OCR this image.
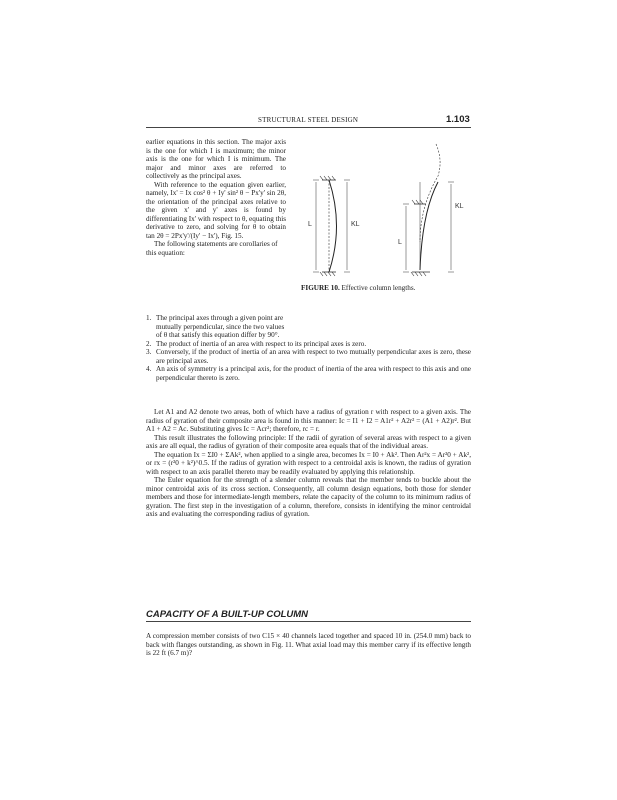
STRUCTURAL STEEL DESIGN	1.103

earlier equations in this section. The major axis is the one for which I is maximum; the minor axis is the one for which I is minimum. The major and minor axes are referred to collectively as the principal axes.

With reference to the equation given earlier, namely, Ix' = Ix cos² θ + Iy' sin² θ − Px'y' sin 2θ, the orientation of the principal axes relative to the given x' and y' axes is found by differentiating Ix' with respect to θ, equating this derivative to zero, and solving for θ to obtain tan 2θ = 2Px'y'/(Iy' − Ix'), Fig. 15.

The following statements are corollaries of this equation:

L	KL
KL
L
FIGURE 10. Effective column lengths.
1. The principal axes through a given point are mutually perpendicular, since the two values of θ that satisfy this equation differ by 90°.
2. The product of inertia of an area with respect to its principal axes is zero.
3. Conversely, if the product of inertia of an area with respect to two mutually perpendicular axes is zero, these are principal axes.
4. An axis of symmetry is a principal axis, for the product of inertia of the area with respect to this axis and one perpendicular thereto is zero.

Let A1 and A2 denote two areas, both of which have a radius of gyration r with respect to a given axis. The radius of gyration of their composite area is found in this manner: Ic = I1 + I2 = A1r² + A2r² = (A1 + A2)r². But A1 + A2 = Ac. Substituting gives Ic = Acr²; therefore, rc = r.

This result illustrates the following principle: If the radii of gyration of several areas with respect to a given axis are all equal, the radius of gyration of their composite area equals that of the individual areas.

The equation Ix = ΣI0 + ΣAk², when applied to a single area, becomes Ix = I0 + Ak². Then Ar²x = Ar²0 + Ak², or rx = (r²0 + k²)^0.5. If the radius of gyration with respect to a centroidal axis is known, the radius of gyration with respect to an axis parallel thereto may be readily evaluated by applying this relationship.

The Euler equation for the strength of a slender column reveals that the member tends to buckle about the minor centroidal axis of its cross section. Consequently, all column design equations, both those for slender members and those for intermediate-length members, relate the capacity of the column to its minimum radius of gyration. The first step in the investigation of a column, therefore, consists in identifying the minor centroidal axis and evaluating the corresponding radius of gyration.

CAPACITY OF A BUILT-UP COLUMN

A compression member consists of two C15 × 40 channels laced together and spaced 10 in. (254.0 mm) back to back with flanges outstanding, as shown in Fig. 11. What axial load may this member carry if its effective length is 22 ft (6.7 m)?
